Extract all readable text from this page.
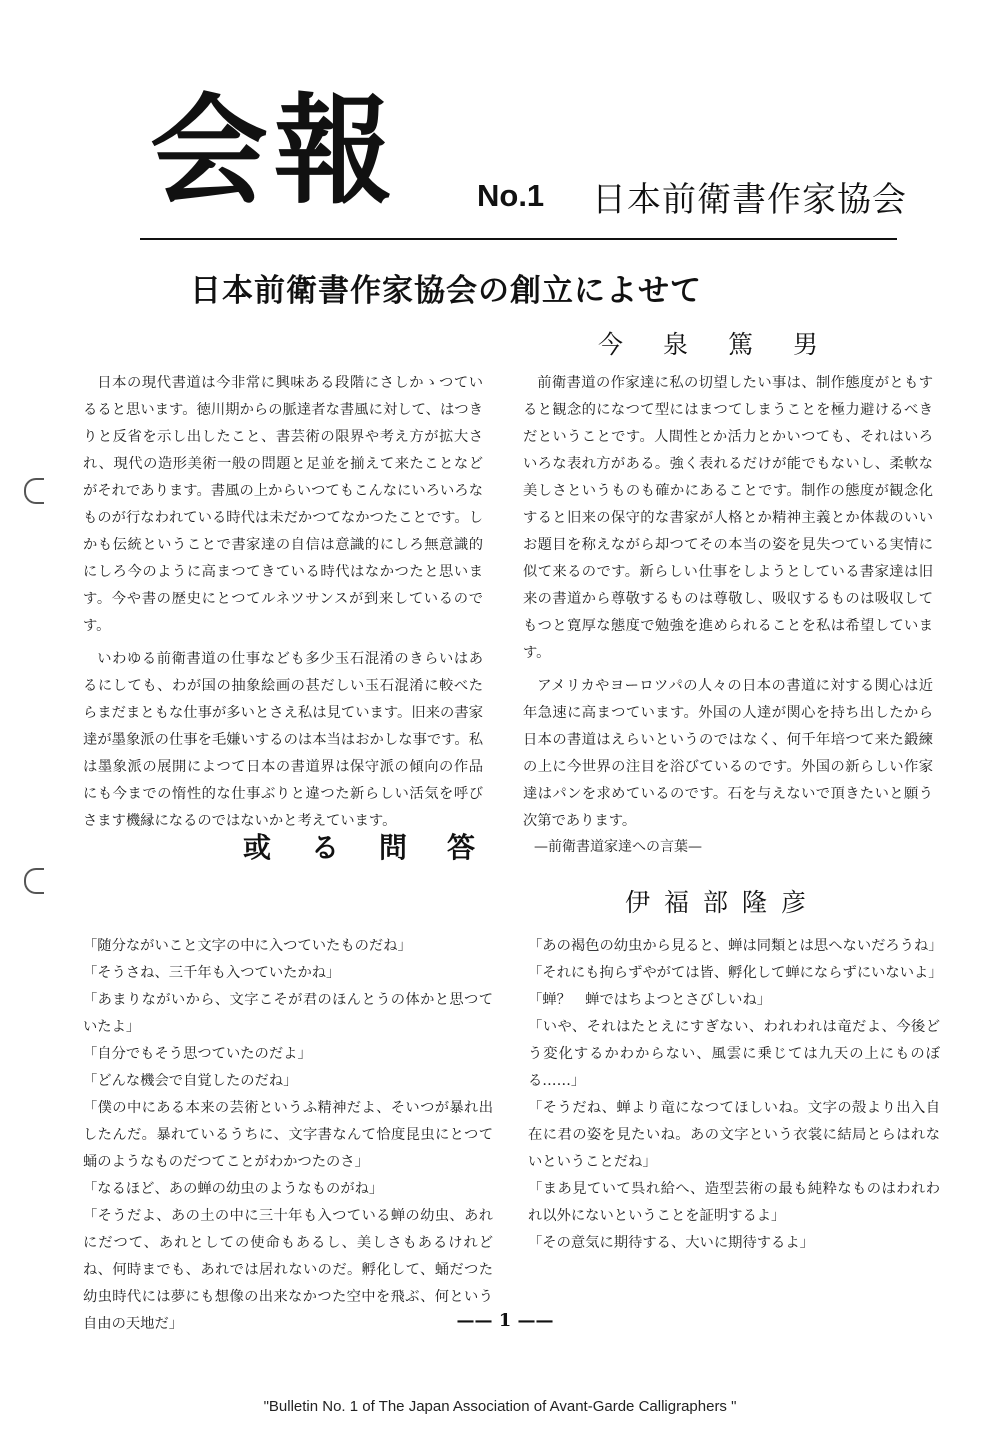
会報	No.1 日本前衛書作家協会
日本前衛書作家協会の創立によせて
今泉篤男

日本の現代書道は今非常に興味ある段階にさしかゝつているると思います。徳川期からの脈達者な書風に対して、はつきりと反省を示し出したこと、書芸術の限界や考え方が拡大され、現代の造形美術一般の問題と足並を揃えて来たことなどがそれであります。書風の上からいつてもこんなにいろいろなものが行なわれている時代は未だかつてなかつたことです。しかも伝統ということで書家達の自信は意識的にしろ無意識的にしろ今のように高まつてきている時代はなかつたと思います。今や書の歴史にとつてルネツサンスが到来しているのです。

いわゆる前衛書道の仕事なども多少玉石混淆のきらいはあるにしても、わが国の抽象絵画の甚だしい玉石混淆に較べたらまだまともな仕事が多いとさえ私は見ています。旧来の書家達が墨象派の仕事を毛嫌いするのは本当はおかしな事です。私は墨象派の展開によつて日本の書道界は保守派の傾向の作品にも今までの惰性的な仕事ぶりと違つた新らしい活気を呼びさます機縁になるのではないかと考えています。

前衛書道の作家達に私の切望したい事は、制作態度がともすると観念的になつて型にはまつてしまうことを極力避けるべきだということです。人間性とか活力とかいつても、それはいろいろな表れ方がある。強く表れるだけが能でもないし、柔軟な美しさというものも確かにあることです。制作の態度が観念化すると旧来の保守的な書家が人格とか精神主義とか体裁のいいお題目を称えながら却つてその本当の姿を見失つている実情に似て来るのです。新らしい仕事をしようとしている書家達は旧来の書道から尊敬するものは尊敬し、吸収するものは吸収してもつと寛厚な態度で勉強を進められることを私は希望しています。

アメリカやヨーロツパの人々の日本の書道に対する関心は近年急速に高まつています。外国の人達が関心を持ち出したから日本の書道はえらいというのではなく、何千年培つて来た鍛練の上に今世界の注目を浴びているのです。外国の新らしい作家達はパンを求めているのです。石を与えないで頂きたいと願う次第であります。

或る問答 —前衛書道家達への言葉—
伊福部隆彦

「随分ながいこと文字の中に入つていたものだね」

「そうさね、三千年も入つていたかね」

「あまりながいから、文字こそが君のほんとうの体かと思つていたよ」

「自分でもそう思つていたのだよ」

「どんな機会で自覚したのだね」

「僕の中にある本来の芸術というふ精神だよ、そいつが暴れ出したんだ。暴れているうちに、文字書なんて恰度昆虫にとつて蛹のようなものだつてことがわかつたのさ」

「なるほど、あの蝉の幼虫のようなものがね」

「そうだよ、あの土の中に三十年も入つている蝉の幼虫、あれにだつて、あれとしての使命もあるし、美しさもあるけれどね、何時までも、あれでは居れないのだ。孵化して、蛹だつた幼虫時代には夢にも想像の出来なかつた空中を飛ぶ、何という自由の天地だ」

「あの褐色の幼虫から見ると、蝉は同類とは思へないだろうね」

「それにも拘らずやがては皆、孵化して蝉にならずにいないよ」

「蝉？　蝉ではちよつとさびしいね」

「いや、それはたとえにすぎない、われわれは竜だよ、今後どう変化するかわからない、風雲に乗じては九天の上にものぼる……」

「そうだね、蝉より竜になつてほしいね。文字の殻より出入自在に君の姿を見たいね。あの文字という衣裳に結局とらはれないということだね」

「まあ見ていて呉れ給へ、造型芸術の最も純粋なものはわれわれ以外にないということを証明するよ」

「その意気に期待する、大いに期待するよ」

—— 1 ——
"Bulletin No. 1 of The Japan Association of Avant-Garde Calligraphers "
